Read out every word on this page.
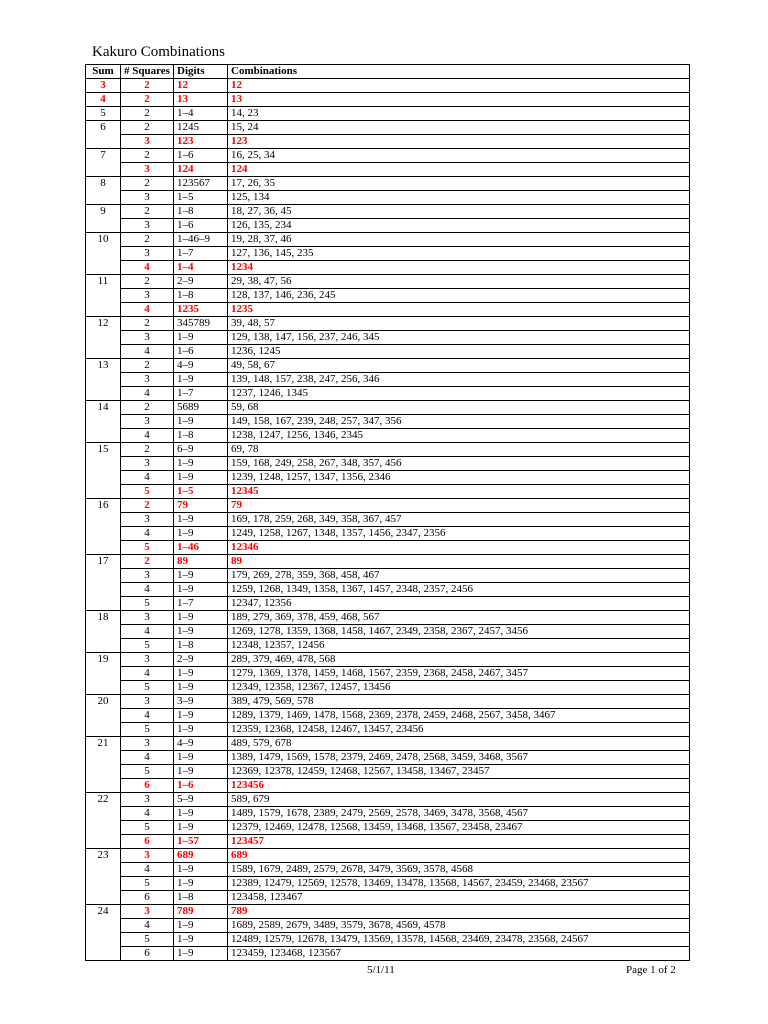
Kakuro Combinations
Sum	# Squares	Digits	Combinations
3	2	12	12
4	2	13	13
5	2	1–4	14, 23
6	2	1245	15, 24
	3	123	123
7	2	1–6	16, 25, 34
	3	124	124
8	2	123567	17, 26, 35
	3	1–5	125, 134
9	2	1–8	18, 27, 36, 45
	3	1–6	126, 135, 234
10	2	1–46–9	19, 28, 37, 46
	3	1–7	127, 136, 145, 235
	4	1–4	1234
11	2	2–9	29, 38, 47, 56
	3	1–8	128, 137, 146, 236, 245
	4	1235	1235
12	2	345789	39, 48, 57
	3	1–9	129, 138, 147, 156, 237, 246, 345
	4	1–6	1236, 1245
13	2	4–9	49, 58, 67
	3	1–9	139, 148, 157, 238, 247, 256, 346
	4	1–7	1237, 1246, 1345
14	2	5689	59, 68
	3	1–9	149, 158, 167, 239, 248, 257, 347, 356
	4	1–8	1238, 1247, 1256, 1346, 2345
15	2	6–9	69, 78
	3	1–9	159, 168, 249, 258, 267, 348, 357, 456
	4	1–9	1239, 1248, 1257, 1347, 1356, 2346
	5	1–5	12345
16	2	79	79
	3	1–9	169, 178, 259, 268, 349, 358, 367, 457
	4	1–9	1249, 1258, 1267, 1348, 1357, 1456, 2347, 2356
	5	1–46	12346
17	2	89	89
	3	1–9	179, 269, 278, 359, 368, 458, 467
	4	1–9	1259, 1268, 1349, 1358, 1367, 1457, 2348, 2357, 2456
	5	1–7	12347, 12356
18	3	1–9	189, 279, 369, 378, 459, 468, 567
	4	1–9	1269, 1278, 1359, 1368, 1458, 1467, 2349, 2358, 2367, 2457, 3456
	5	1–8	12348, 12357, 12456
19	3	2–9	289, 379, 469, 478, 568
	4	1–9	1279, 1369, 1378, 1459, 1468, 1567, 2359, 2368, 2458, 2467, 3457
	5	1–9	12349, 12358, 12367, 12457, 13456
20	3	3–9	389, 479, 569, 578
	4	1–9	1289, 1379, 1469, 1478, 1568, 2369, 2378, 2459, 2468, 2567, 3458, 3467
	5	1–9	12359, 12368, 12458, 12467, 13457, 23456
21	3	4–9	489, 579, 678
	4	1–9	1389, 1479, 1569, 1578, 2379, 2469, 2478, 2568, 3459, 3468, 3567
	5	1–9	12369, 12378, 12459, 12468, 12567, 13458, 13467, 23457
	6	1–6	123456
22	3	5–9	589, 679
	4	1–9	1489, 1579, 1678, 2389, 2479, 2569, 2578, 3469, 3478, 3568, 4567
	5	1–9	12379, 12469, 12478, 12568, 13459, 13468, 13567, 23458, 23467
	6	1–57	123457
23	3	689	689
	4	1–9	1589, 1679, 2489, 2579, 2678, 3479, 3569, 3578, 4568
	5	1–9	12389, 12479, 12569, 12578, 13469, 13478, 13568, 14567, 23459, 23468, 23567
	6	1–8	123458, 123467
24	3	789	789
	4	1–9	1689, 2589, 2679, 3489, 3579, 3678, 4569, 4578
	5	1–9	12489, 12579, 12678, 13479, 13569, 13578, 14568, 23469, 23478, 23568, 24567
	6	1–9	123459, 123468, 123567
5/1/11	Page 1 of 2
